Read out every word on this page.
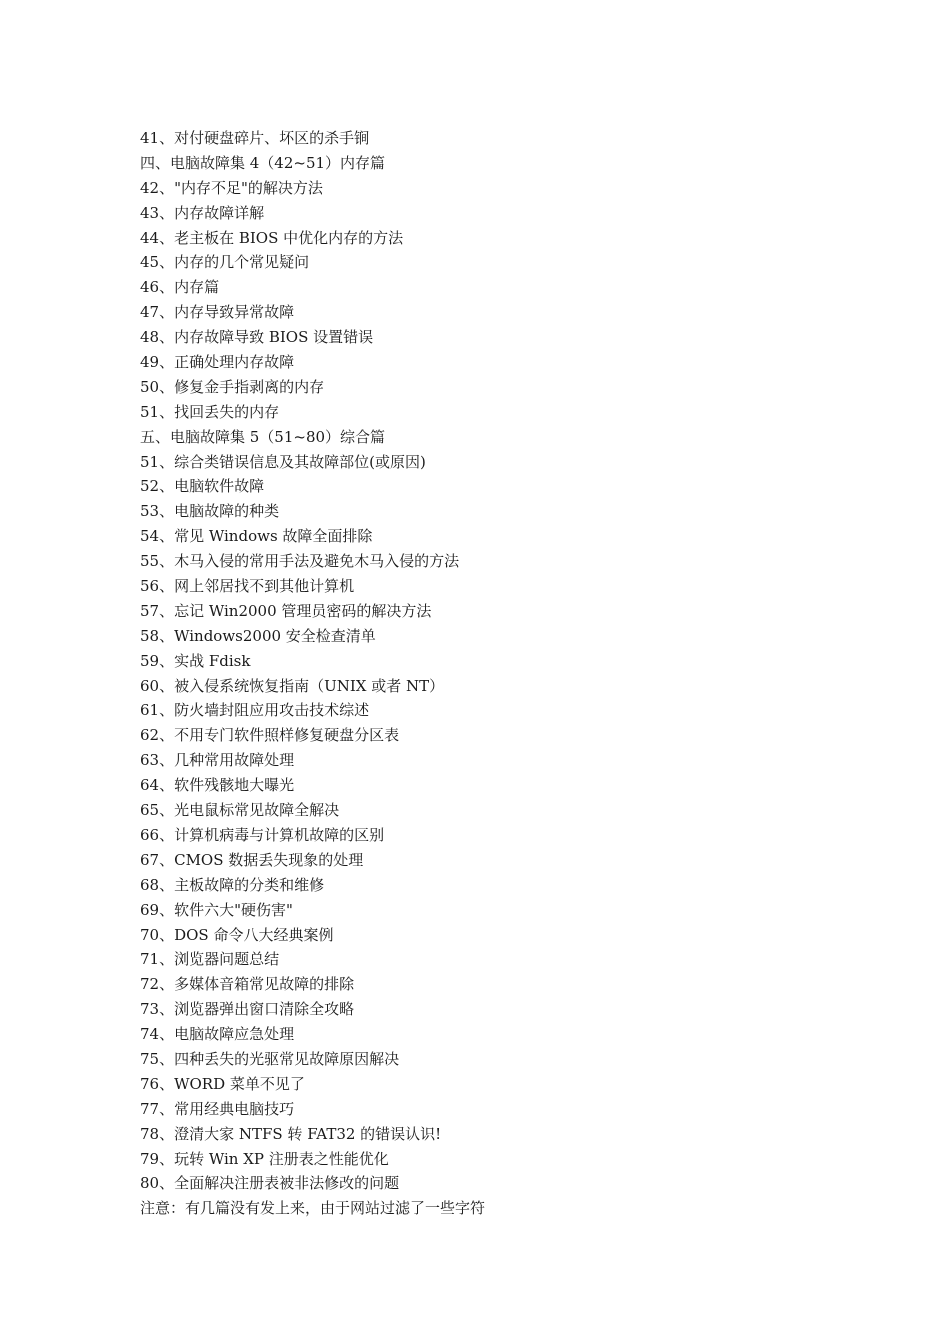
41、对付硬盘碎片、坏区的杀手锏
四、电脑故障集 4（42~51）内存篇
42、"内存不足"的解决方法
43、内存故障详解
44、老主板在 BIOS 中优化内存的方法
45、内存的几个常见疑问
46、内存篇
47、内存导致异常故障
48、内存故障导致 BIOS 设置错误
49、正确处理内存故障
50、修复金手指剥离的内存
51、找回丢失的内存
五、电脑故障集 5（51~80）综合篇
51、综合类错误信息及其故障部位(或原因)
52、电脑软件故障
53、电脑故障的种类
54、常见 Windows 故障全面排除
55、木马入侵的常用手法及避免木马入侵的方法
56、网上邻居找不到其他计算机
57、忘记 Win2000 管理员密码的解决方法
58、Windows2000 安全检查清单
59、实战 Fdisk
60、被入侵系统恢复指南（UNIX 或者 NT）
61、防火墙封阻应用攻击技术综述
62、不用专门软件照样修复硬盘分区表
63、几种常用故障处理
64、软件残骸地大曝光
65、光电鼠标常见故障全解决
66、计算机病毒与计算机故障的区别
67、CMOS 数据丢失现象的处理
68、主板故障的分类和维修
69、软件六大"硬伤害"
70、DOS 命令八大经典案例
71、浏览器问题总结
72、多媒体音箱常见故障的排除
73、浏览器弹出窗口清除全攻略
74、电脑故障应急处理
75、四种丢失的光驱常见故障原因解决
76、WORD 菜单不见了
77、常用经典电脑技巧
78、澄清大家 NTFS 转 FAT32 的错误认识!
79、玩转 Win XP 注册表之性能优化
80、全面解决注册表被非法修改的问题
注意：有几篇没有发上来，由于网站过滤了一些字符
